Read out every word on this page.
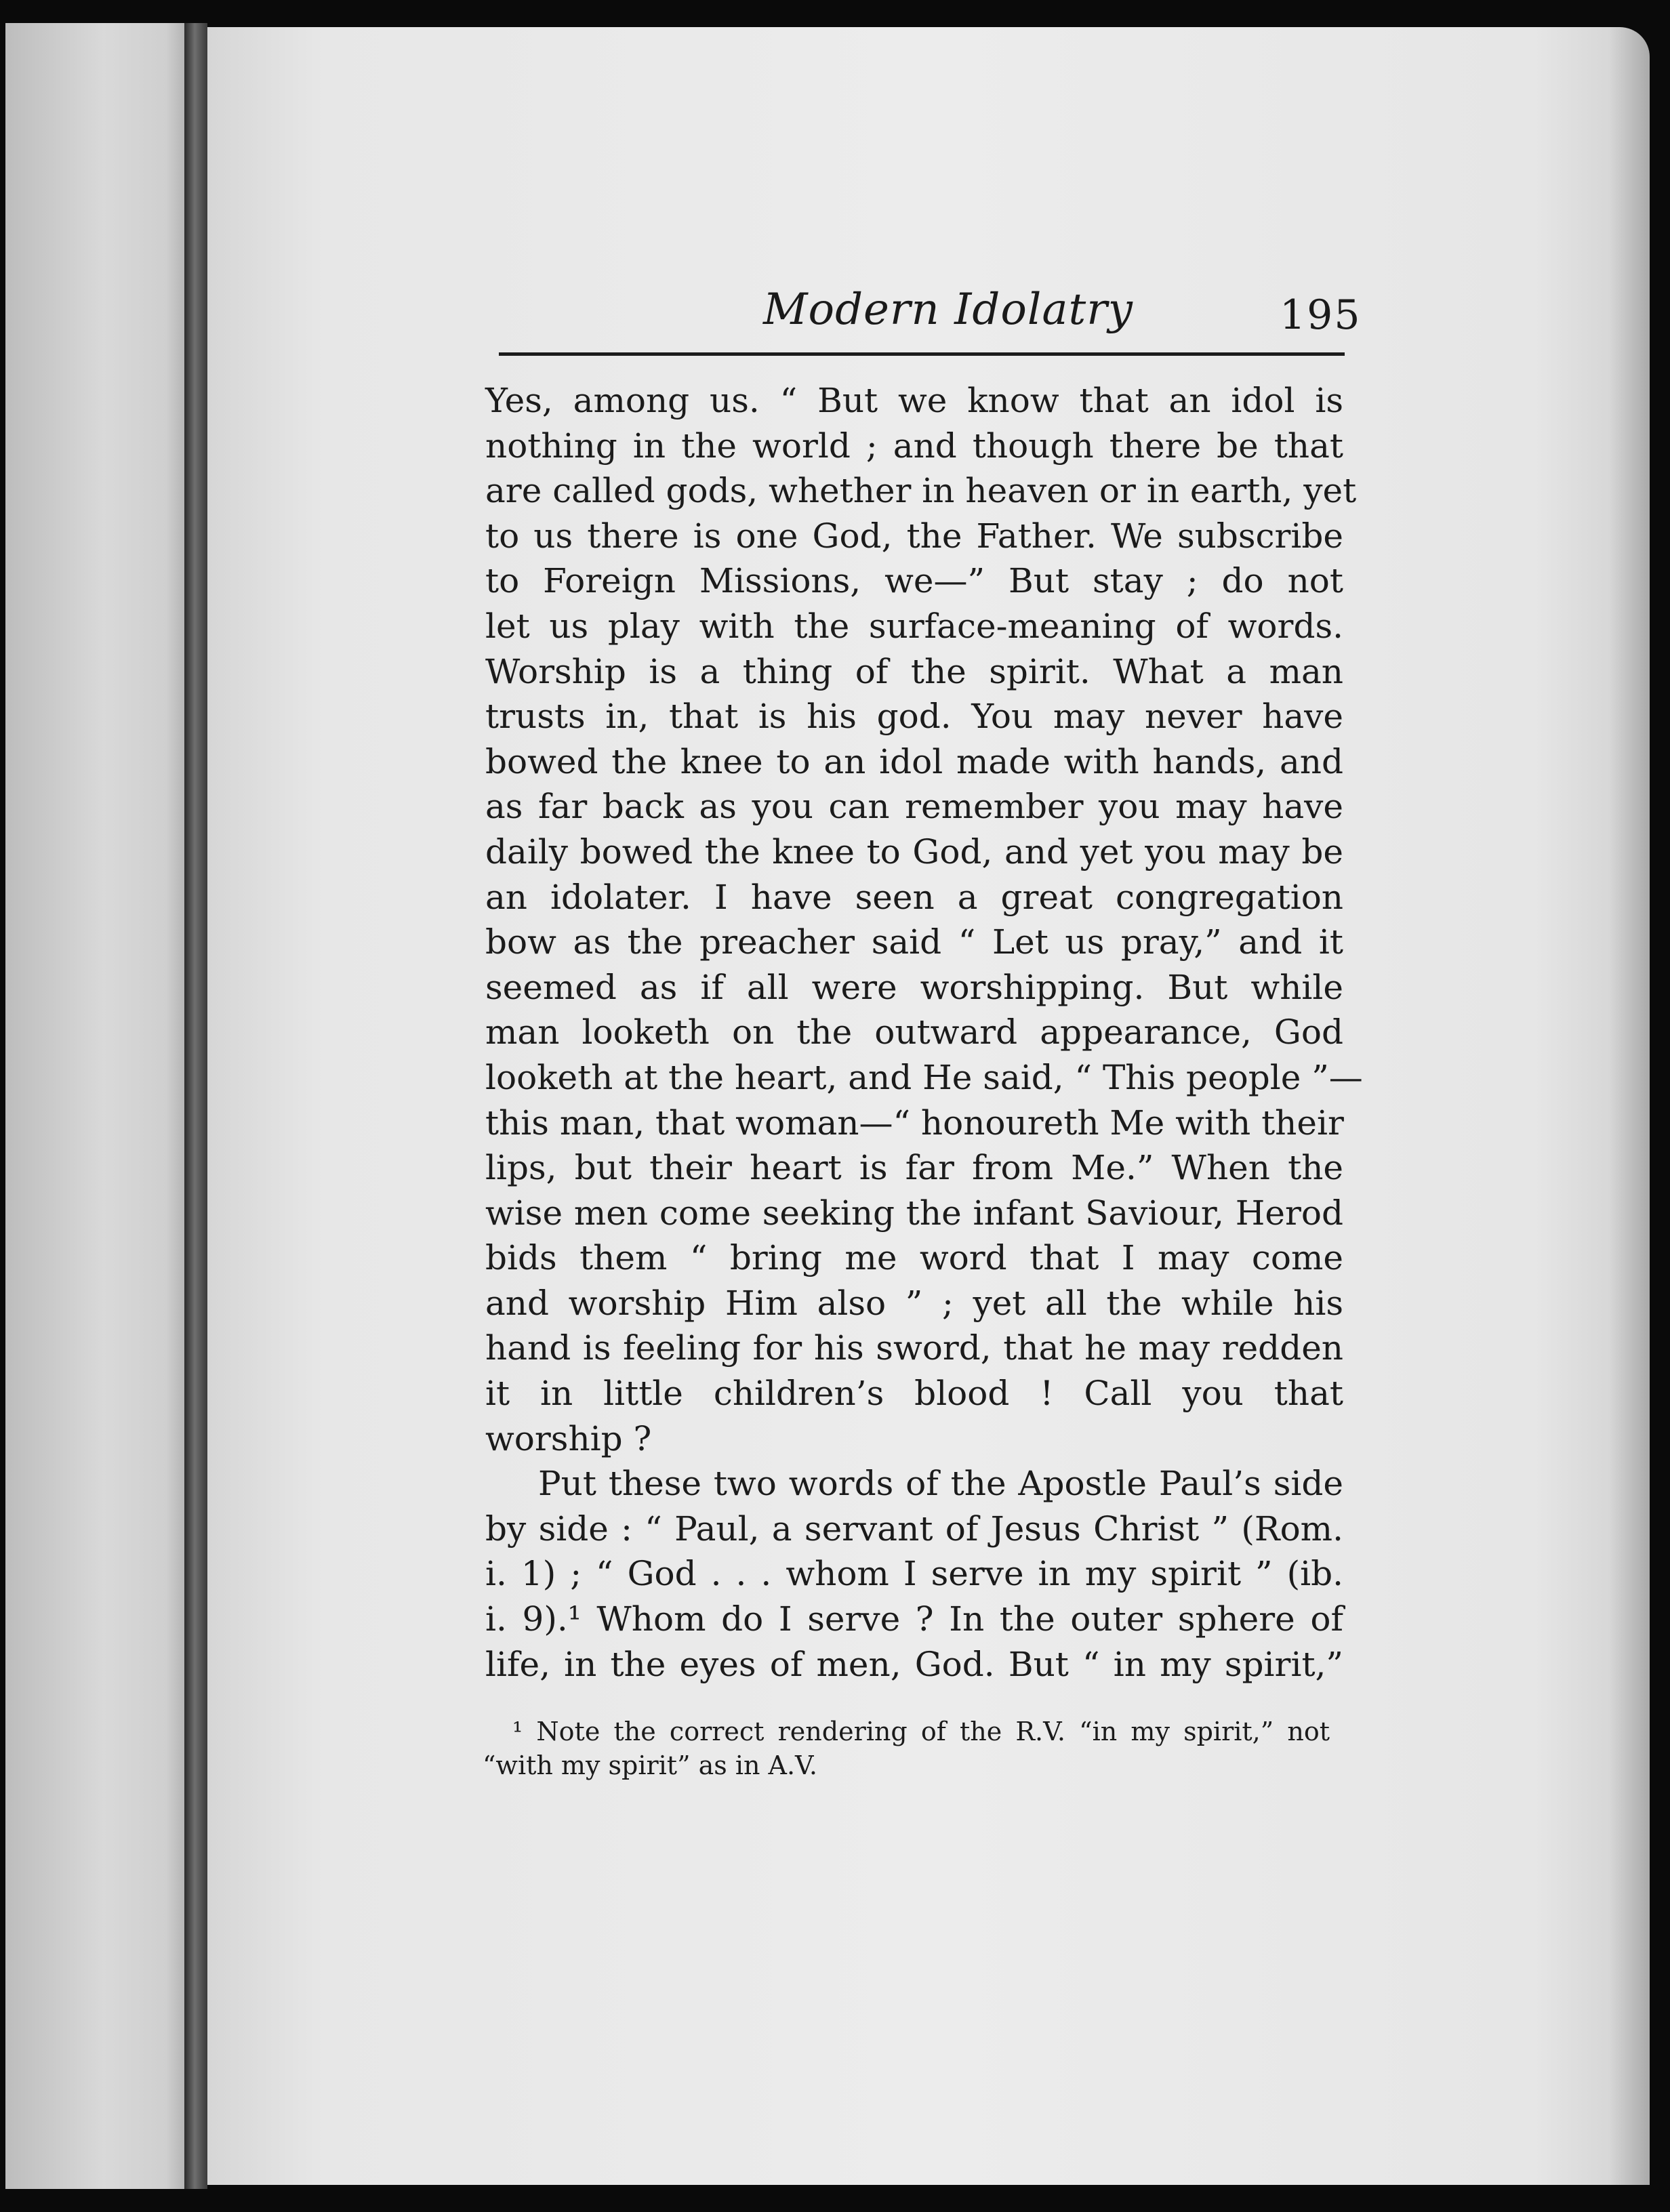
Modern Idolatry	195
Yes, among us. “ But we know that an idol is
nothing in the world ; and though there be that
are called gods, whether in heaven or in earth, yet
to us there is one God, the Father. We subscribe
to Foreign Missions, we—” But stay ; do not
let us play with the surface-meaning of words.
Worship is a thing of the spirit. What a man
trusts in, that is his god. You may never have
bowed the knee to an idol made with hands, and
as far back as you can remember you may have
daily bowed the knee to God, and yet you may be
an idolater. I have seen a great congregation
bow as the preacher said “ Let us pray,” and it
seemed as if all were worshipping. But while
man looketh on the outward appearance, God
looketh at the heart, and He said, “ This people ”—
this man, that woman—“ honoureth Me with their
lips, but their heart is far from Me.” When the
wise men come seeking the infant Saviour, Herod
bids them “ bring me word that I may come
and worship Him also ” ; yet all the while his
hand is feeling for his sword, that he may redden
it in little children’s blood ! Call you that
worship ?
Put these two words of the Apostle Paul’s side
by side : “ Paul, a servant of Jesus Christ ” (Rom.
i. 1) ; “ God . . . whom I serve in my spirit ” (ib.
i. 9).¹ Whom do I serve ? In the outer sphere of
life, in the eyes of men, God. But “ in my spirit,”
¹ Note the correct rendering of the R.V. “in my spirit,” not
“with my spirit” as in A.V.
